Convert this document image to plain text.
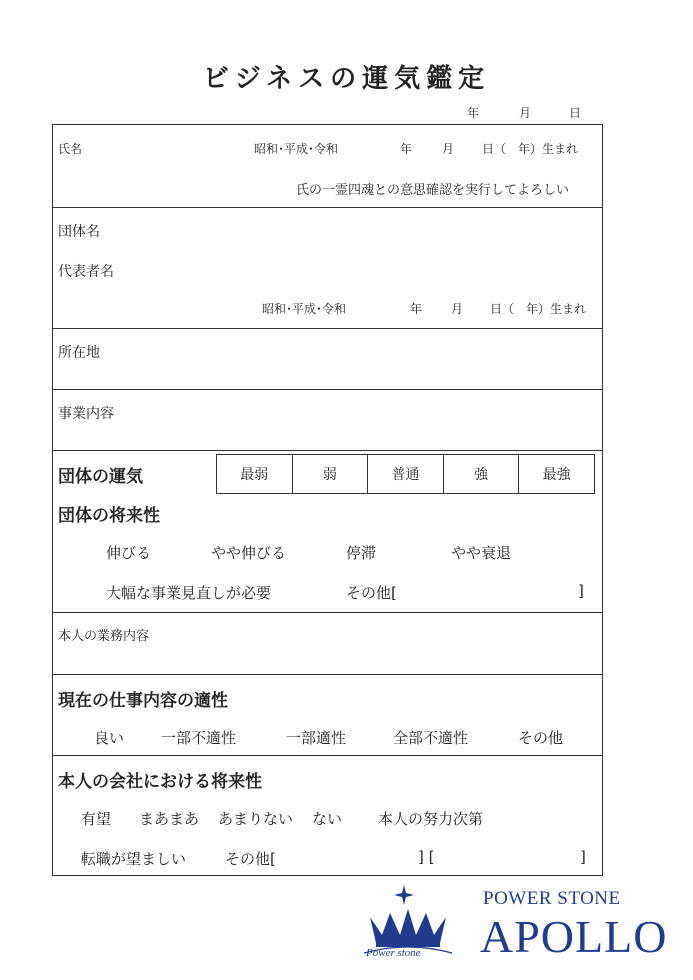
ビジネスの運気鑑定
年	月	日
氏名	昭和･平成･令和	年 月 日（　年）生まれ
氏の一霊四魂との意思確認を実行してよろしい
団体名
代表者名
昭和･平成･令和	年 月 日（　年）生まれ
所在地
事業内容
団体の運気	最弱	弱	普通	強	最強
団体の将来性
伸びる	やや伸びる	停滞	やや衰退
大幅な事業見直しが必要	その他[	]
本人の業務内容
現在の仕事内容の適性
良い 一部不適性	一部適性	全部不適性	その他
本人の会社における将来性
有望 まあまあ あまりない ない 本人の努力次第
転職が望ましい	その他[	] [	]
Power stone
POWER STONE
APOLLO
